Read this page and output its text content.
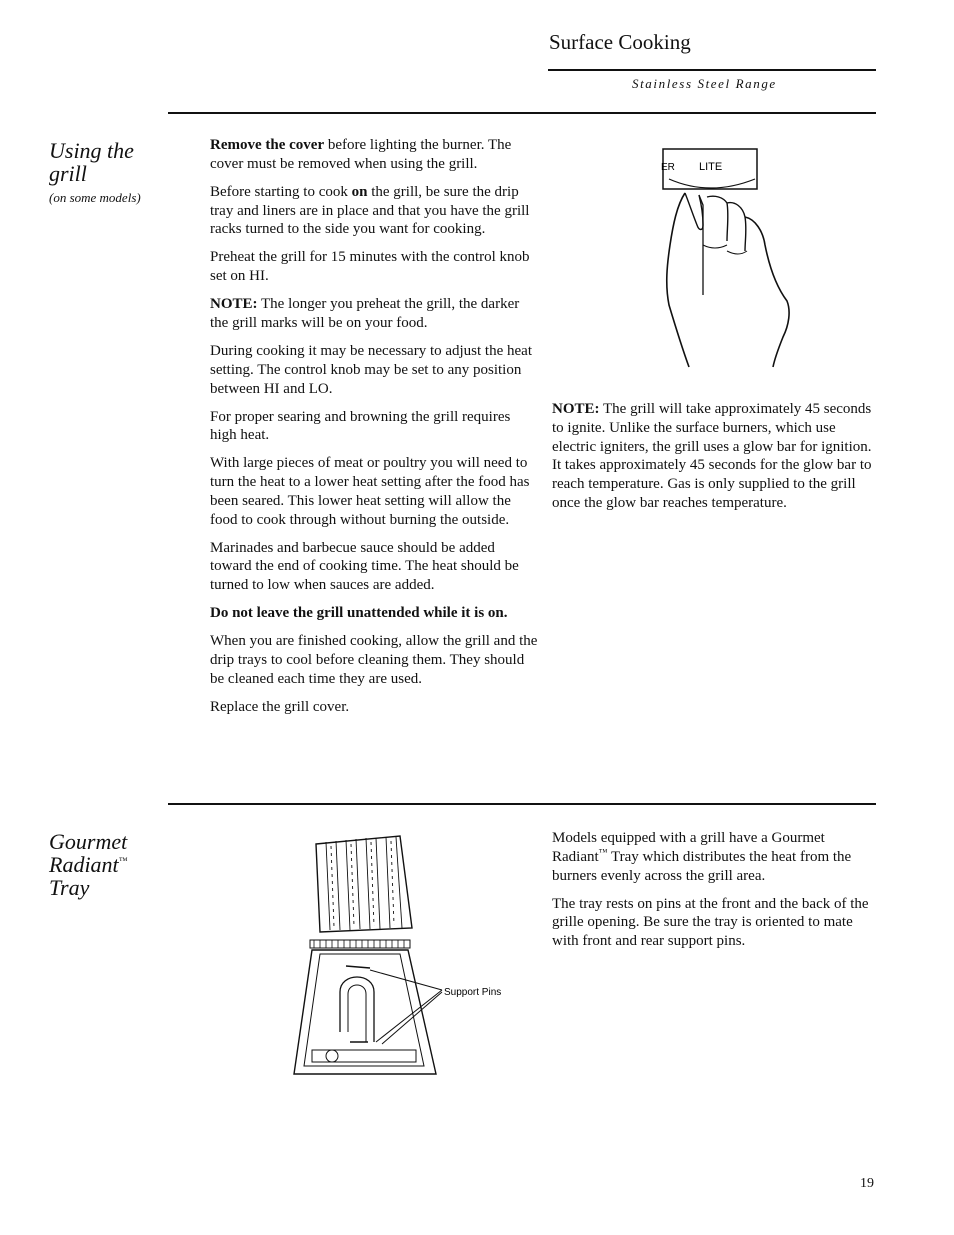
Surface Cooking
Stainless Steel Range
Using the
grill
(on some models)

Remove the cover before lighting the burner. The cover must be removed when using the grill.

Before starting to cook on the grill, be sure the drip tray and liners are in place and that you have the grill racks turned to the side you want for cooking.

Preheat the grill for 15 minutes with the control knob set on HI.

NOTE: The longer you preheat the grill, the darker the grill marks will be on your food.

During cooking it may be necessary to adjust the heat setting. The control knob may be set to any position between HI and LO.

For proper searing and browning the grill requires high heat.

With large pieces of meat or poultry you will need to turn the heat to a lower heat setting after the food has been seared. This lower heat setting will allow the food to cook through without burning the outside.

Marinades and barbecue sauce should be added toward the end of cooking time. The heat should be turned to low when sauces are added.

Do not leave the grill unattended while it is on.

When you are finished cooking, allow the grill and the drip trays to cool before cleaning them. They should be cleaned each time they are used.

Replace the grill cover.

ER LITE

NOTE: The grill will take approximately 45 seconds to ignite. Unlike the surface burners, which use electric igniters, the grill uses a glow bar for ignition. It takes approximately 45 seconds for the glow bar to reach temperature. Gas is only supplied to the grill once the glow bar reaches temperature.

Gourmet
Radiant™
Tray
Support Pins

Models equipped with a grill have a Gourmet Radiant™ Tray which distributes the heat from the burners evenly across the grill area.

The tray rests on pins at the front and the back of the grille opening. Be sure the tray is oriented to mate with front and rear support pins.

19
